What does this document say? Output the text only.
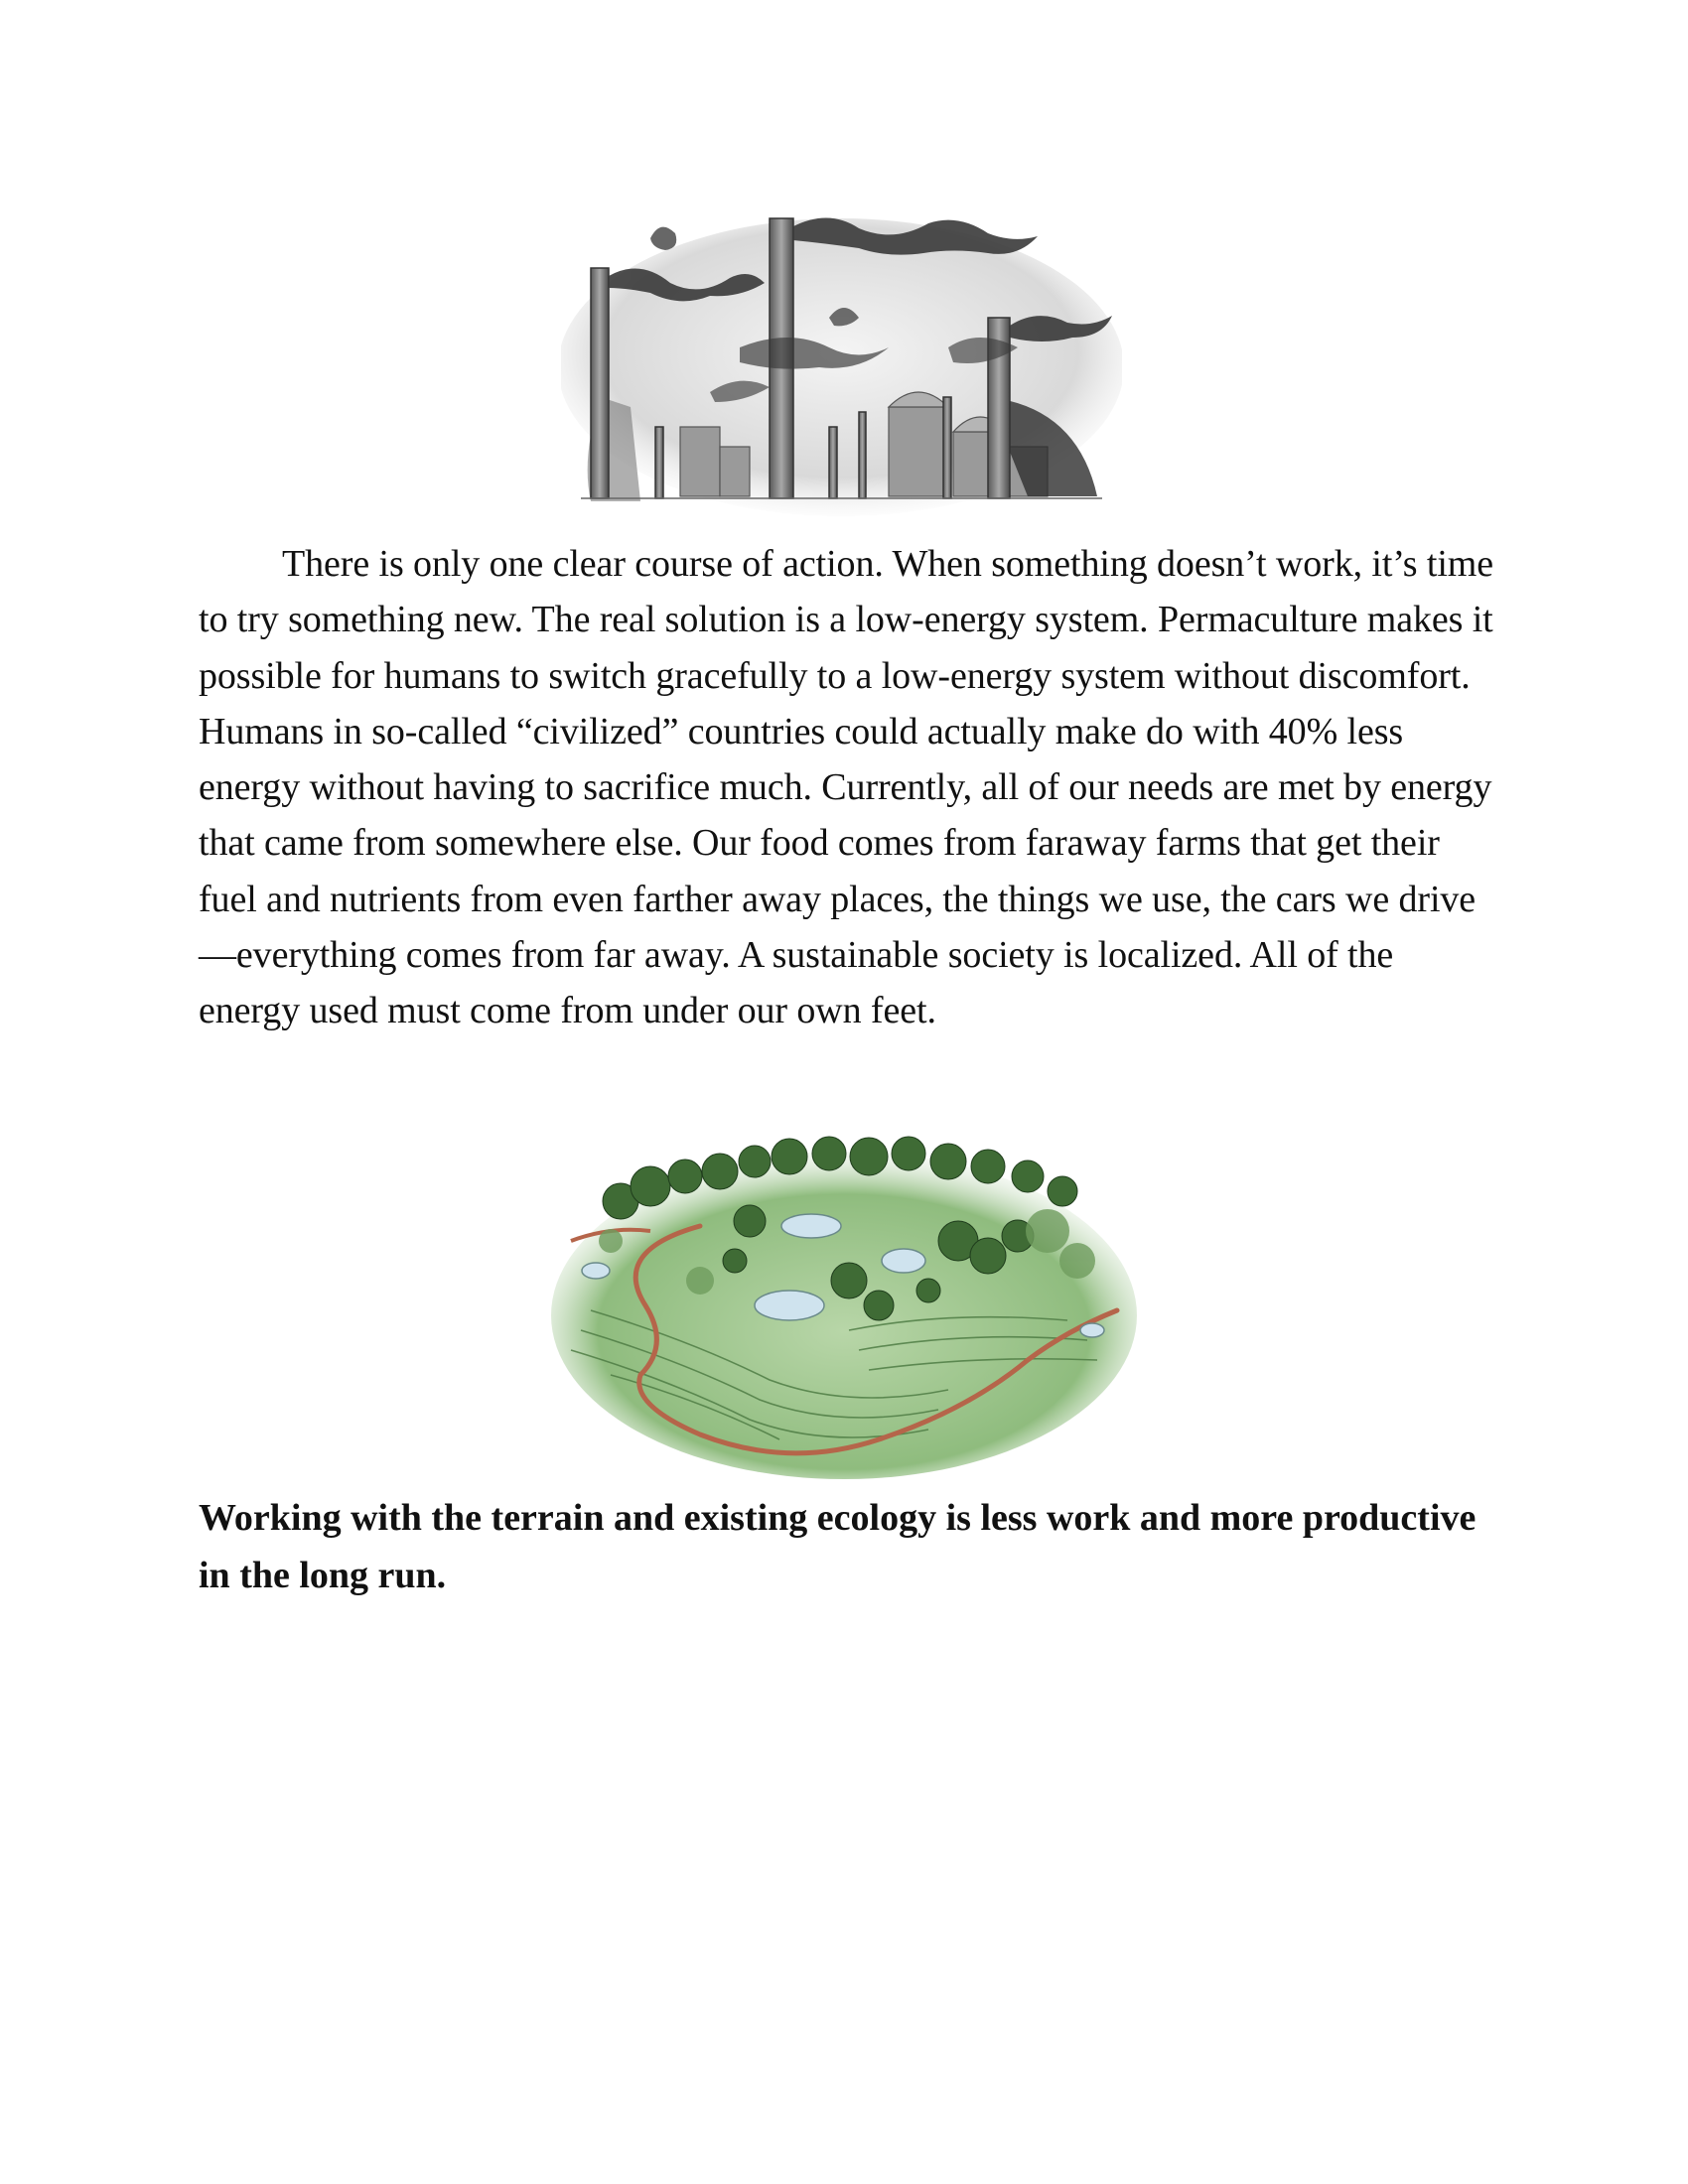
There is only one clear course of action. When something doesn’t work, it’s time to try something new. The real solution is a low-energy system. Permaculture makes it possible for humans to switch gracefully to a low-energy system without discomfort. Humans in so-called “civilized” countries could actually make do with 40% less energy without having to sacrifice much. Currently, all of our needs are met by energy that came from somewhere else. Our food comes from faraway farms that get their fuel and nutrients from even farther away places, the things we use, the cars we drive—everything comes from far away. A sustainable society is localized. All of the energy used must come from under our own feet.

Working with the terrain and existing ecology is less work and more productive in the long run.
